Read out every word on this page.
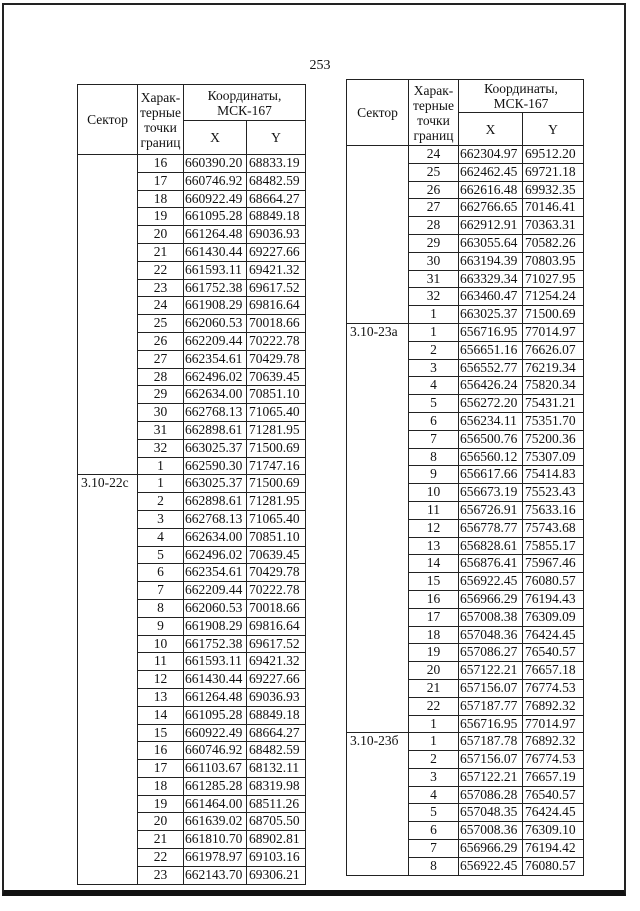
253
Сектор	Харак-
терные
точки
границ	Координаты,
МСК-167	
		X	Y
	16	660390.20	68833.19
	17	660746.92	68482.59
	18	660922.49	68664.27
	19	661095.28	68849.18
	20	661264.48	69036.93
	21	661430.44	69227.66
	22	661593.11	69421.32
	23	661752.38	69617.52
	24	661908.29	69816.64
	25	662060.53	70018.66
	26	662209.44	70222.78
	27	662354.61	70429.78
	28	662496.02	70639.45
	29	662634.00	70851.10
	30	662768.13	71065.40
	31	662898.61	71281.95
	32	663025.37	71500.69
	1	662590.30	71747.16
3.10-22с	1	663025.37	71500.69
	2	662898.61	71281.95
	3	662768.13	71065.40
	4	662634.00	70851.10
	5	662496.02	70639.45
	6	662354.61	70429.78
	7	662209.44	70222.78
	8	662060.53	70018.66
	9	661908.29	69816.64
	10	661752.38	69617.52
	11	661593.11	69421.32
	12	661430.44	69227.66
	13	661264.48	69036.93
	14	661095.28	68849.18
	15	660922.49	68664.27
	16	660746.92	68482.59
	17	661103.67	68132.11
	18	661285.28	68319.98
	19	661464.00	68511.26
	20	661639.02	68705.50
	21	661810.70	68902.81
	22	661978.97	69103.16
	23	662143.70	69306.21
Сектор	Харак-
терные
точки
границ	Координаты,
МСК-167	
		X	Y
	24	662304.97	69512.20
	25	662462.45	69721.18
	26	662616.48	69932.35
	27	662766.65	70146.41
	28	662912.91	70363.31
	29	663055.64	70582.26
	30	663194.39	70803.95
	31	663329.34	71027.95
	32	663460.47	71254.24
	1	663025.37	71500.69
3.10-23а	1	656716.95	77014.97
	2	656651.16	76626.07
	3	656552.77	76219.34
	4	656426.24	75820.34
	5	656272.20	75431.21
	6	656234.11	75351.70
	7	656500.76	75200.36
	8	656560.12	75307.09
	9	656617.66	75414.83
	10	656673.19	75523.43
	11	656726.91	75633.16
	12	656778.77	75743.68
	13	656828.61	75855.17
	14	656876.41	75967.46
	15	656922.45	76080.57
	16	656966.29	76194.43
	17	657008.38	76309.09
	18	657048.36	76424.45
	19	657086.27	76540.57
	20	657122.21	76657.18
	21	657156.07	76774.53
	22	657187.77	76892.32
	1	656716.95	77014.97
3.10-23б	1	657187.78	76892.32
	2	657156.07	76774.53
	3	657122.21	76657.19
	4	657086.28	76540.57
	5	657048.35	76424.45
	6	657008.36	76309.10
	7	656966.29	76194.42
	8	656922.45	76080.57
